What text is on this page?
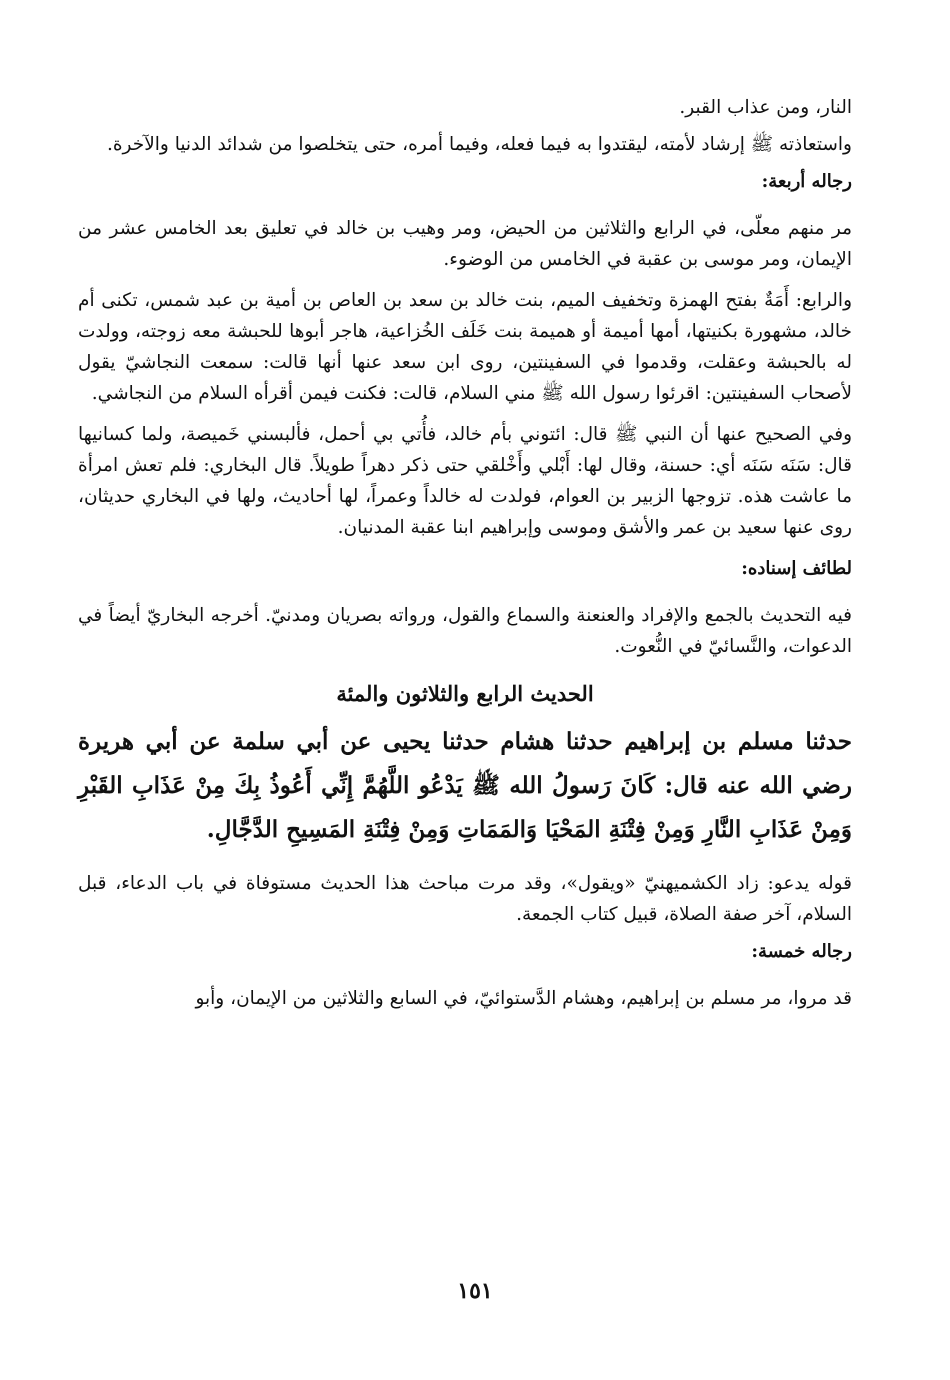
النار، ومن عذاب القبر.

واستعاذته ﷺ إرشاد لأمته، ليقتدوا به فيما فعله، وفيما أمره، حتى يتخلصوا من شدائد الدنيا والآخرة.

رجاله أربعة:

مر منهم معلّى، في الرابع والثلاثين من الحيض، ومر وهيب بن خالد في تعليق بعد الخامس عشر من الإيمان، ومر موسى بن عقبة في الخامس من الوضوء.

والرابع: أَمَةٌ بفتح الهمزة وتخفيف الميم، بنت خالد بن سعد بن العاص بن أمية بن عبد شمس، تكنى أم خالد، مشهورة بكنيتها، أمها أميمة أو هميمة بنت خَلَف الخُزاعية، هاجر أبوها للحبشة معه زوجته، وولدت له بالحبشة وعقلت، وقدموا في السفينتين، روى ابن سعد عنها أنها قالت: سمعت النجاشيّ يقول لأصحاب السفينتين: اقرئوا رسول الله ﷺ مني السلام، قالت: فكنت فيمن أقرأه السلام من النجاشي.

وفي الصحيح عنها أن النبي ﷺ قال: ائتوني بأم خالد، فأُتي بي أحمل، فألبسني خَميصة، ولما كسانيها قال: سَنَه سَنَه أي: حسنة، وقال لها: أَبْلي وأَخْلقي حتى ذكر دهراً طويلاً. قال البخاري: فلم تعش امرأة ما عاشت هذه. تزوجها الزبير بن العوام، فولدت له خالداً وعمراً، لها أحاديث، ولها في البخاري حديثان، روى عنها سعيد بن عمر والأشق وموسى وإبراهيم ابنا عقبة المدنيان.

لطائف إسناده:

فيه التحديث بالجمع والإفراد والعنعنة والسماع والقول، ورواته بصريان ومدنيّ. أخرجه البخاريّ أيضاً في الدعوات، والنَّسائيّ في النُّعوت.

الحديث الرابع والثلاثون والمئة

حدثنا مسلم بن إبراهيم حدثنا هشام حدثنا يحيى عن أبي سلمة عن أبي هريرة رضي الله عنه قال: كَانَ رَسولُ الله ﷺ يَدْعُو اللَّهُمَّ إِنِّي أَعُوذُ بِكَ مِنْ عَذَابِ القَبْرِ وَمِنْ عَذَابِ النَّارِ وَمِنْ فِتْنَةِ المَحْيَا وَالمَمَاتِ وَمِنْ فِتْنَةِ المَسِيحِ الدَّجَّالِ.

قوله يدعو: زاد الكشميهنيّ «ويقول»، وقد مرت مباحث هذا الحديث مستوفاة في باب الدعاء، قبل السلام، آخر صفة الصلاة، قبيل كتاب الجمعة.

رجاله خمسة:

قد مروا، مر مسلم بن إبراهيم، وهشام الدَّستوائيّ، في السابع والثلاثين من الإيمان، وأبو

١٥١
